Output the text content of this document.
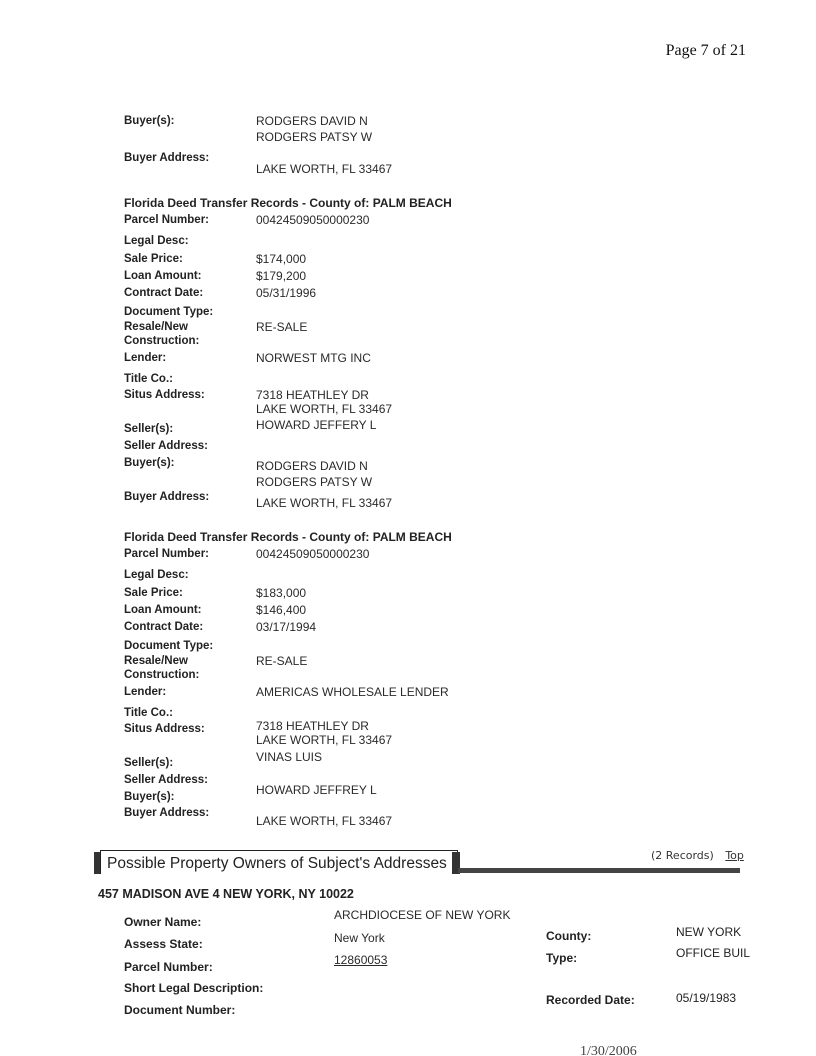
Page 7 of 21
Buyer(s):	RODGERS DAVID N
RODGERS PATSY W
Buyer Address:
LAKE WORTH, FL 33467
Florida Deed Transfer Records - County of: PALM BEACH
Parcel Number:	00424509050000230
Legal Desc:
Sale Price:	$174,000
Loan Amount:	$179,200
Contract Date:	05/31/1996
Document Type:
Resale/New
Construction:
RE-SALE
Lender:	NORWEST MTG INC
Title Co.:
Situs Address:	7318 HEATHLEY DR
LAKE WORTH, FL 33467
Seller(s):	HOWARD JEFFERY L
Seller Address:
Buyer(s):	RODGERS DAVID N
RODGERS PATSY W
Buyer Address:	LAKE WORTH, FL 33467
Florida Deed Transfer Records - County of: PALM BEACH
Parcel Number:	00424509050000230
Legal Desc:
Sale Price:	$183,000
Loan Amount:	$146,400
Contract Date:	03/17/1994
Document Type:
Resale/New
Construction:
RE-SALE
Lender:	AMERICAS WHOLESALE LENDER
Title Co.:
Situs Address:	7318 HEATHLEY DR
LAKE WORTH, FL 33467
Seller(s):	VINAS LUIS
Seller Address:
Buyer(s):	HOWARD JEFFREY L
Buyer Address:
LAKE WORTH, FL 33467
Possible Property Owners of Subject's Addresses	(2 Records) Top
457 MADISON AVE 4 NEW YORK, NY 10022
Owner Name:	ARCHDIOCESE OF NEW YORK
Assess State:	New York
Parcel Number:	12860053
Short Legal Description:
Document Number:
County:	NEW YORK
Type:	OFFICE BUIL
Recorded Date:	05/19/1983
1/30/2006
